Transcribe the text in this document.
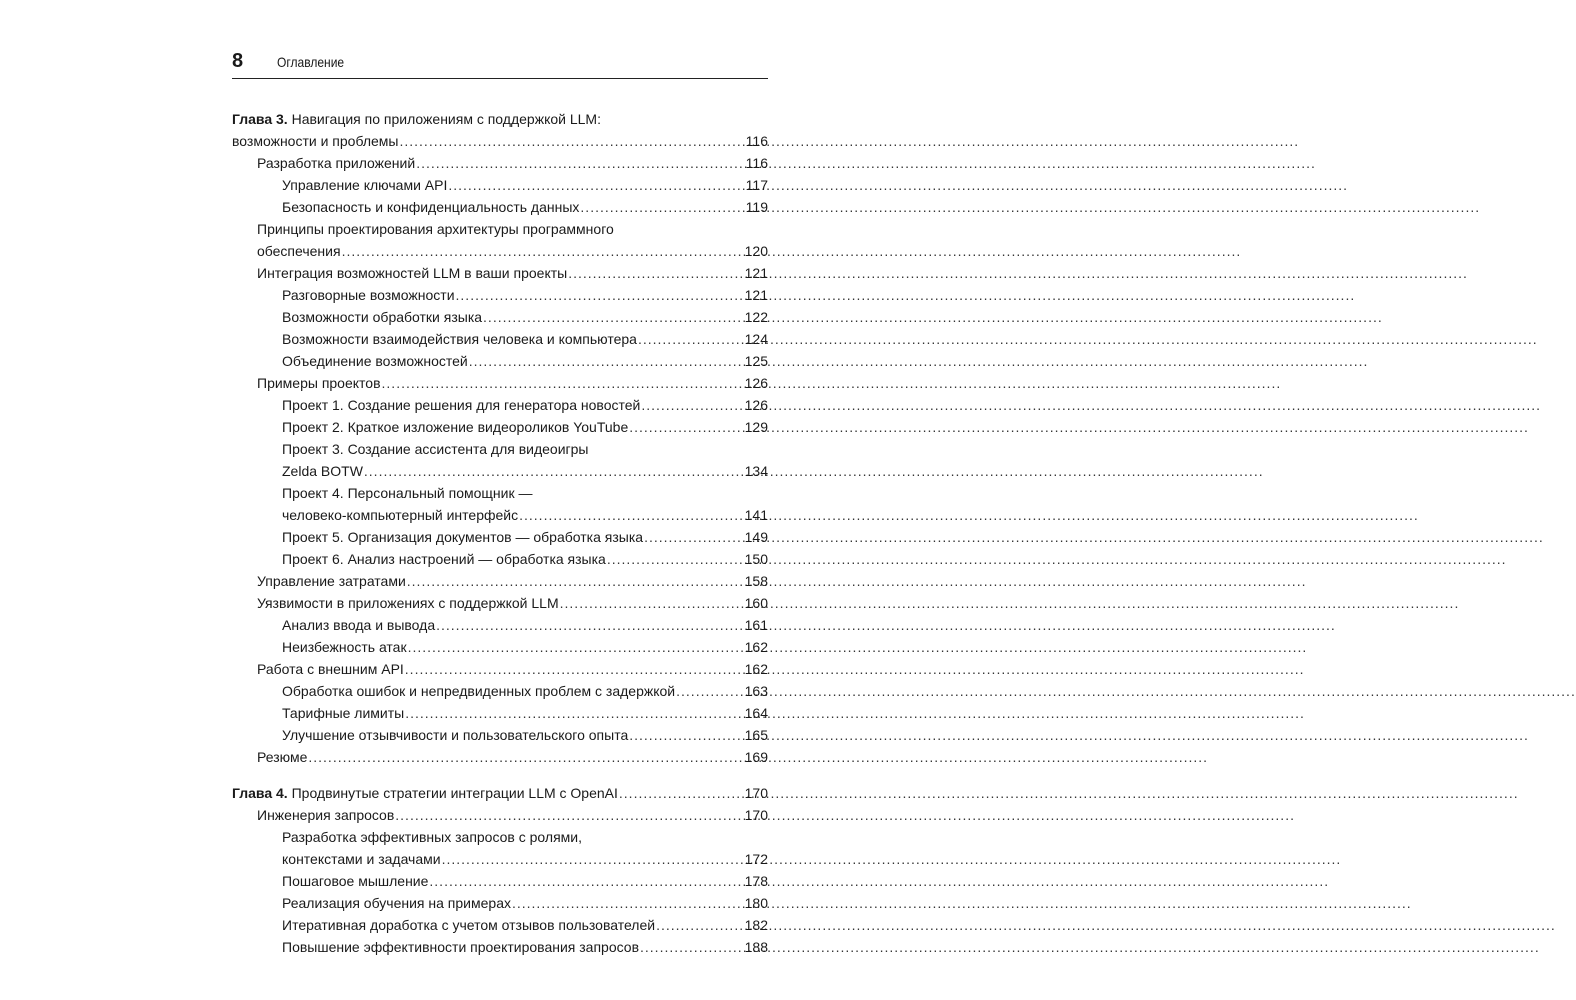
8 Оглавление
Глава 3. Навигация по приложениям с поддержкой LLM:
возможности и проблемы .....	116
Разработка приложений .....	116
Управление ключами API .....	117
Безопасность и конфиденциальность данных .....	119
Принципы проектирования архитектуры программного
обеспечения .....	120
Интеграция возможностей LLM в ваши проекты .....	121
Разговорные возможности .....	121
Возможности обработки языка .....	122
Возможности взаимодействия человека и компьютера .....	124
Объединение возможностей .....	125
Примеры проектов .....	126
Проект 1. Создание решения для генератора новостей .....	126
Проект 2. Краткое изложение видеороликов YouTube .....	129
Проект 3. Создание ассистента для видеоигры
Zelda BOTW .....	134
Проект 4. Персональный помощник —
человеко-компьютерный интерфейс .....	141
Проект 5. Организация документов — обработка языка .....	149
Проект 6. Анализ настроений — обработка языка .....	150
Управление затратами .....	158
Уязвимости в приложениях с поддержкой LLM .....	160
Анализ ввода и вывода .....	161
Неизбежность атак .....	162
Работа с внешним API .....	162
Обработка ошибок и непредвиденных проблем с задержкой .....	163
Тарифные лимиты .....	164
Улучшение отзывчивости и пользовательского опыта .....	165
Резюме .....	169
Глава 4. Продвинутые стратегии интеграции LLM с OpenAI .....	170
Инженерия запросов .....	170
Разработка эффективных запросов с ролями,
контекстами и задачами .....	172
Пошаговое мышление .....	178
Реализация обучения на примерах .....	180
Итеративная доработка с учетом отзывов пользователей .....	182
Повышение эффективности проектирования запросов .....	188
